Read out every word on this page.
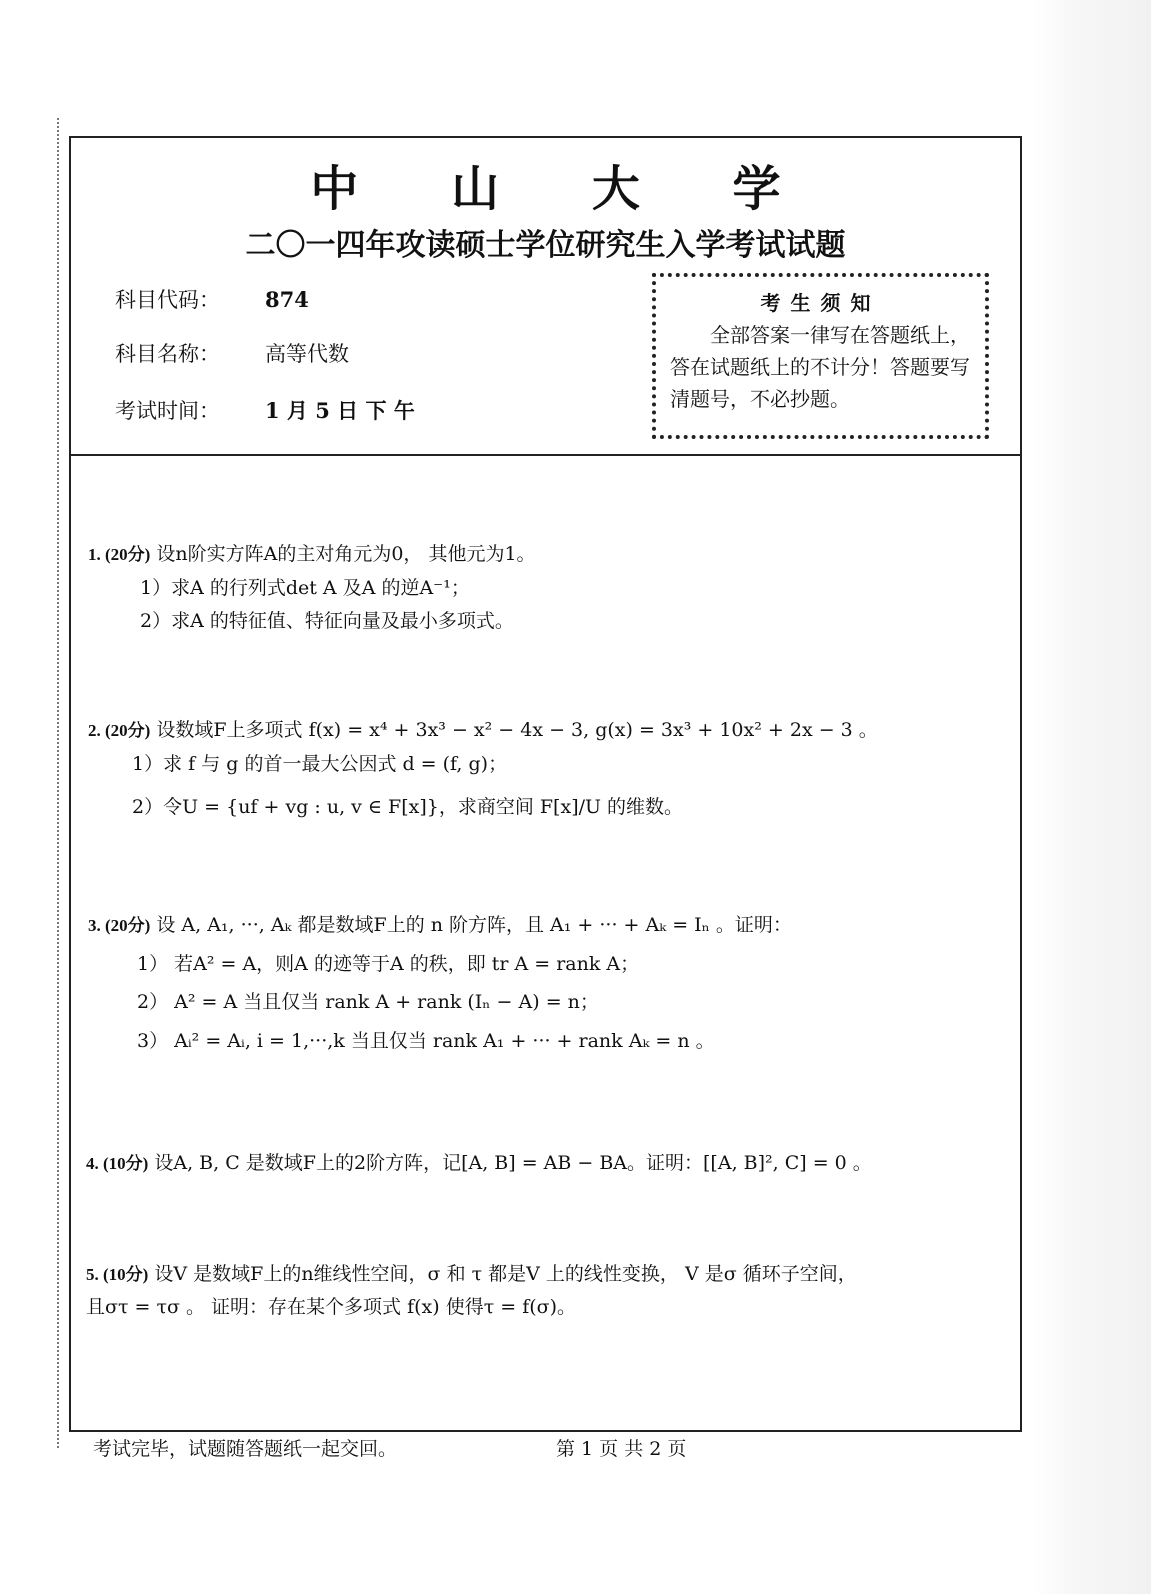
中 山 大 学
二〇一四年攻读硕士学位研究生入学考试试题
科目代码： 874
科目名称： 高等代数
考试时间： 1 月 5 日 下 午
考生须知
全部答案一律写在答题纸上，答在试题纸上的不计分！答题要写清题号，不必抄题。
1. (20分) 设n阶实方阵A的主对角元为0， 其他元为1。
1）求A 的行列式det A 及A 的逆A⁻¹；
2）求A 的特征值、特征向量及最小多项式。
2. (20分) 设数域F上多项式 f(x) = x⁴ + 3x³ − x² − 4x − 3, g(x) = 3x³ + 10x² + 2x − 3 。
1）求 f 与 g 的首一最大公因式 d = (f, g)；
2）令U = {uf + vg : u, v ∈ F[x]}，求商空间 F[x]/U 的维数。
3. (20分) 设 A, A₁, ···, Aₖ 都是数域F上的 n 阶方阵，且 A₁ + ··· + Aₖ = Iₙ 。证明：
1） 若A² = A，则A 的迹等于A 的秩，即 tr A = rank A；
2） A² = A 当且仅当 rank A + rank (Iₙ − A) = n；
3） Aᵢ² = Aᵢ, i = 1,···,k 当且仅当 rank A₁ + ··· + rank Aₖ = n 。
4. (10分) 设A, B, C 是数域F上的2阶方阵，记[A, B] = AB − BA。证明：[[A, B]², C] = 0 。
5. (10分) 设V 是数域F上的n维线性空间，σ 和 τ 都是V 上的线性变换， V 是σ 循环子空间，
且στ = τσ 。 证明：存在某个多项式 f(x) 使得τ = f(σ)。
考试完毕，试题随答题纸一起交回。	第 1 页 共 2 页
